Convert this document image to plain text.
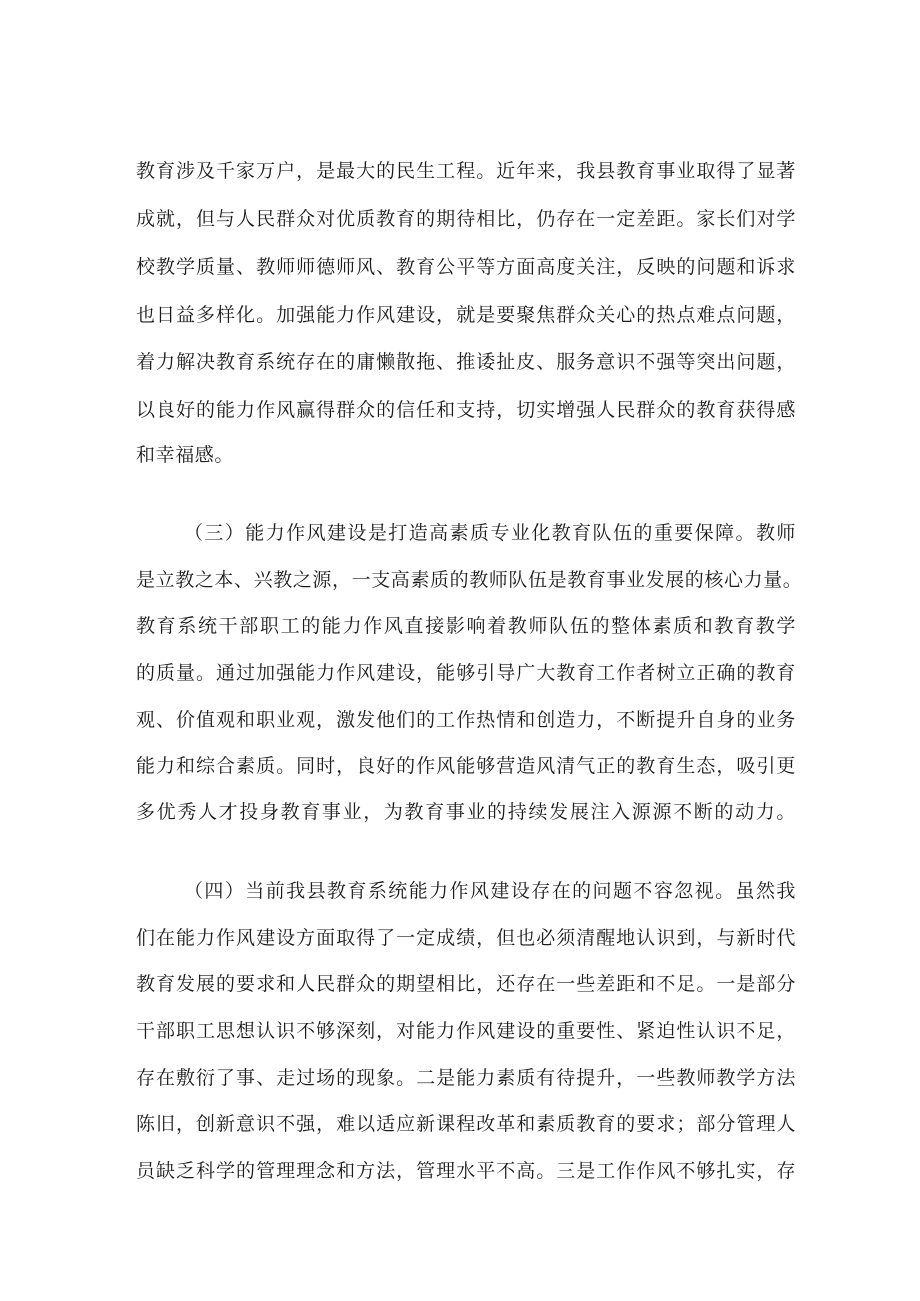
教育涉及千家万户，是最大的民生工程。近年来，我县教育事业取得了显著
成就，但与人民群众对优质教育的期待相比，仍存在一定差距。家长们对学
校教学质量、教师师德师风、教育公平等方面高度关注，反映的问题和诉求
也日益多样化。加强能力作风建设，就是要聚焦群众关心的热点难点问题，
着力解决教育系统存在的庸懒散拖、推诿扯皮、服务意识不强等突出问题，
以良好的能力作风赢得群众的信任和支持，切实增强人民群众的教育获得感
和幸福感。
（三）能力作风建设是打造高素质专业化教育队伍的重要保障。教师
是立教之本、兴教之源，一支高素质的教师队伍是教育事业发展的核心力量。
教育系统干部职工的能力作风直接影响着教师队伍的整体素质和教育教学
的质量。通过加强能力作风建设，能够引导广大教育工作者树立正确的教育
观、价值观和职业观，激发他们的工作热情和创造力，不断提升自身的业务
能力和综合素质。同时，良好的作风能够营造风清气正的教育生态，吸引更
多优秀人才投身教育事业，为教育事业的持续发展注入源源不断的动力。
（四）当前我县教育系统能力作风建设存在的问题不容忽视。虽然我
们在能力作风建设方面取得了一定成绩，但也必须清醒地认识到，与新时代
教育发展的要求和人民群众的期望相比，还存在一些差距和不足。一是部分
干部职工思想认识不够深刻，对能力作风建设的重要性、紧迫性认识不足，
存在敷衍了事、走过场的现象。二是能力素质有待提升，一些教师教学方法
陈旧，创新意识不强，难以适应新课程改革和素质教育的要求；部分管理人
员缺乏科学的管理理念和方法，管理水平不高。三是工作作风不够扎实，存
